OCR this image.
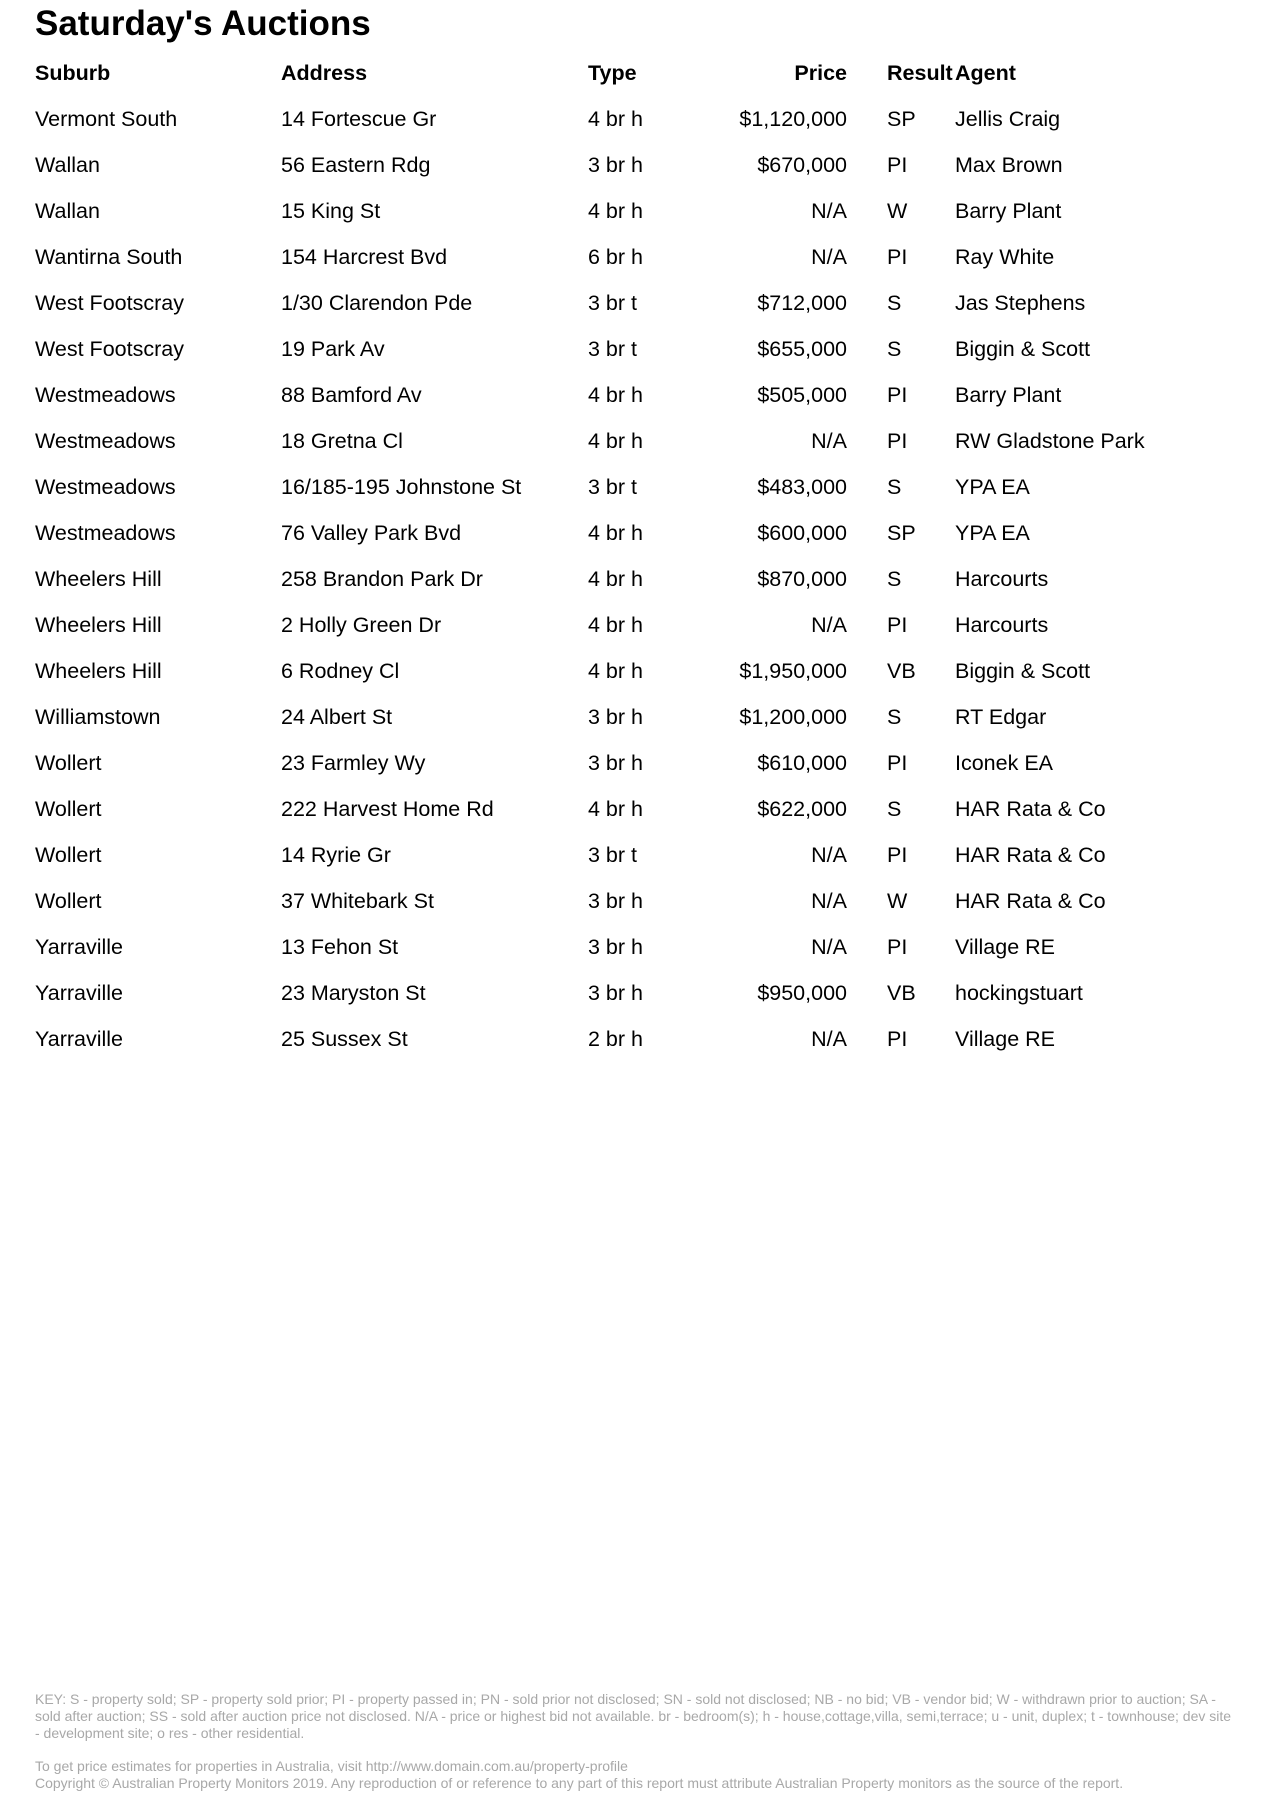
Saturday's Auctions
Suburb	Address	Type	Price	Result	Agent
Vermont South	14 Fortescue Gr	4 br h	$1,120,000	SP	Jellis Craig
Wallan	56 Eastern Rdg	3 br h	$670,000	PI	Max Brown
Wallan	15 King St	4 br h	N/A	W	Barry Plant
Wantirna South	154 Harcrest Bvd	6 br h	N/A	PI	Ray White
West Footscray	1/30 Clarendon Pde	3 br t	$712,000	S	Jas Stephens
West Footscray	19 Park Av	3 br t	$655,000	S	Biggin & Scott
Westmeadows	88 Bamford Av	4 br h	$505,000	PI	Barry Plant
Westmeadows	18 Gretna Cl	4 br h	N/A	PI	RW Gladstone Park
Westmeadows	16/185-195 Johnstone St	3 br t	$483,000	S	YPA EA
Westmeadows	76 Valley Park Bvd	4 br h	$600,000	SP	YPA EA
Wheelers Hill	258 Brandon Park Dr	4 br h	$870,000	S	Harcourts
Wheelers Hill	2 Holly Green Dr	4 br h	N/A	PI	Harcourts
Wheelers Hill	6 Rodney Cl	4 br h	$1,950,000	VB	Biggin & Scott
Williamstown	24 Albert St	3 br h	$1,200,000	S	RT Edgar
Wollert	23 Farmley Wy	3 br h	$610,000	PI	Iconek EA
Wollert	222 Harvest Home Rd	4 br h	$622,000	S	HAR Rata & Co
Wollert	14 Ryrie Gr	3 br t	N/A	PI	HAR Rata & Co
Wollert	37 Whitebark St	3 br h	N/A	W	HAR Rata & Co
Yarraville	13 Fehon St	3 br h	N/A	PI	Village RE
Yarraville	23 Maryston St	3 br h	$950,000	VB	hockingstuart
Yarraville	25 Sussex St	2 br h	N/A	PI	Village RE

KEY: S - property sold; SP - property sold prior; PI - property passed in; PN - sold prior not disclosed; SN - sold not disclosed; NB - no bid; VB - vendor bid; W - withdrawn prior to auction; SA - sold after auction; SS - sold after auction price not disclosed. N/A - price or highest bid not available. br - bedroom(s); h - house,cottage,villa, semi,terrace; u - unit, duplex; t - townhouse; dev site - development site; o res - other residential.

To get price estimates for properties in Australia, visit http://www.domain.com.au/property-profile

Copyright © Australian Property Monitors 2019. Any reproduction of or reference to any part of this report must attribute Australian Property monitors as the source of the report.
